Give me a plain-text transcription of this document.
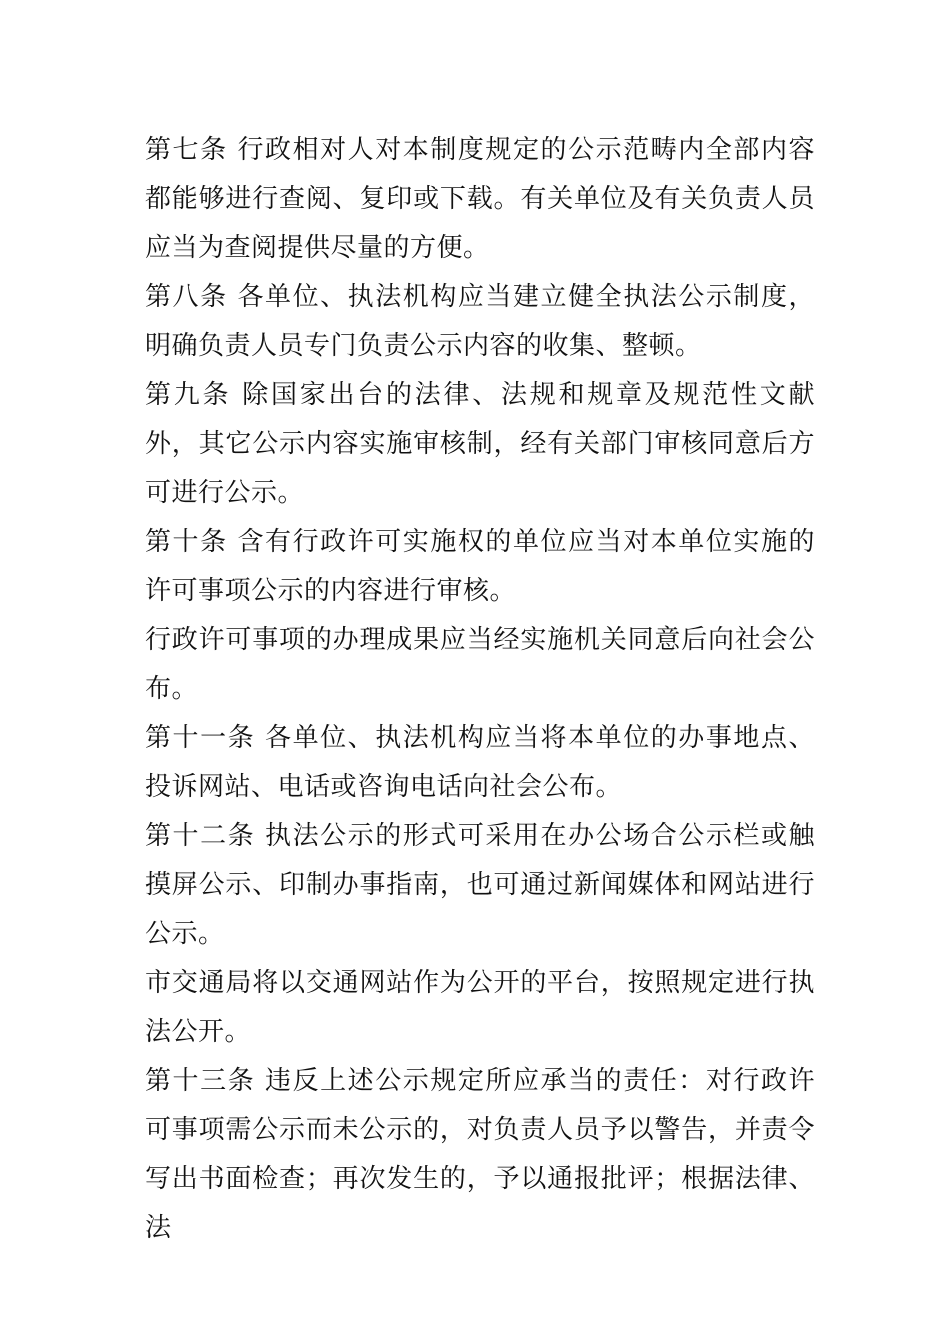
第七条 行政相对人对本制度规定的公示范畴内全部内容都能够进行查阅、复印或下载。有关单位及有关负责人员应当为查阅提供尽量的方便。

第八条 各单位、执法机构应当建立健全执法公示制度，明确负责人员专门负责公示内容的收集、整顿。

第九条 除国家出台的法律、法规和规章及规范性文献外，其它公示内容实施审核制，经有关部门审核同意后方可进行公示。

第十条 含有行政许可实施权的单位应当对本单位实施的许可事项公示的内容进行审核。

行政许可事项的办理成果应当经实施机关同意后向社会公布。

第十一条 各单位、执法机构应当将本单位的办事地点、投诉网站、电话或咨询电话向社会公布。

第十二条 执法公示的形式可采用在办公场合公示栏或触摸屏公示、印制办事指南，也可通过新闻媒体和网站进行公示。

市交通局将以交通网站作为公开的平台，按照规定进行执法公开。

第十三条 违反上述公示规定所应承当的责任：对行政许可事项需公示而未公示的，对负责人员予以警告，并责令写出书面检查；再次发生的，予以通报批评；根据法律、法
